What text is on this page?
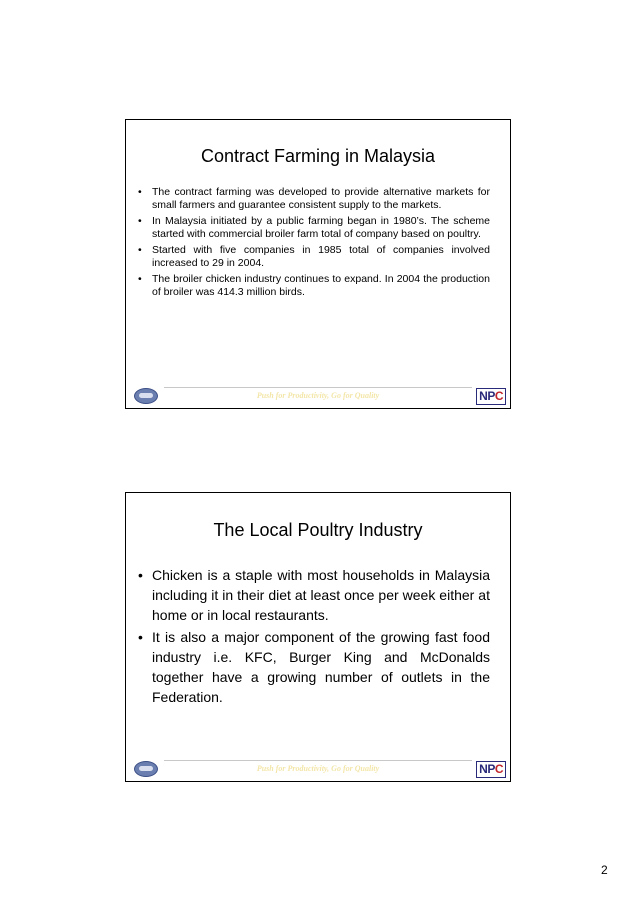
Contract Farming in Malaysia
• The contract farming was developed to provide alternative markets for small farmers and guarantee consistent supply to the markets.
• In Malaysia initiated by a public farming began in 1980’s. The scheme started with commercial broiler farm total of company based on poultry.
• Started with five companies in 1985 total of companies involved increased to 29 in 2004.
• The broiler chicken industry continues to expand. In 2004 the production of broiler was 414.3 million birds.
Push for Productivity, Go for Quality	NPC
The Local Poultry Industry
• Chicken is a staple with most households in Malaysia including it in their diet at least once per week either at home or in local restaurants.
• It is also a major component of the growing fast food industry i.e. KFC, Burger King and McDonalds together have a growing number of outlets in the Federation.
Push for Productivity, Go for Quality	NPC
2
